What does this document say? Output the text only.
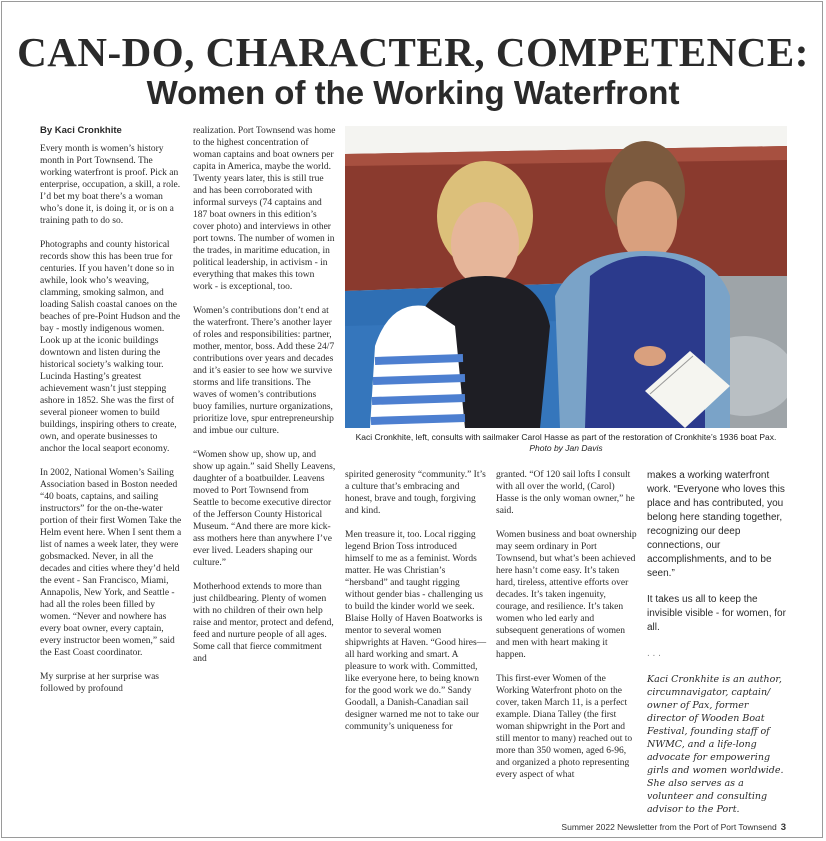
CAN-DO, CHARACTER, COMPETENCE:
Women of the Working Waterfront
By Kaci Cronkhite

Every month is women’s history month in Port Townsend. The working waterfront is proof. Pick an enterprise, occupation, a skill, a role. I’d bet my boat there’s a woman who’s done it, is doing it, or is on a training path to do so.

Photographs and county historical records show this has been true for centuries. If you haven’t done so in awhile, look who’s weaving, clamming, smoking salmon, and loading Salish coastal canoes on the beaches of pre-Point Hudson and the bay - mostly indigenous women. Look up at the iconic buildings downtown and listen during the historical society’s walking tour. Lucinda Hasting’s greatest achievement wasn’t just stepping ashore in 1852. She was the first of several pioneer women to build buildings, inspiring others to create, own, and operate businesses to anchor the local seaport economy.

In 2002, National Women’s Sailing Association based in Boston needed “40 boats, captains, and sailing instructors” for the on-the-water portion of their first Women Take the Helm event here. When I sent them a list of names a week later, they were gobsmacked. Never, in all the decades and cities where they’d held the event - San Francisco, Miami, Annapolis, New York, and Seattle - had all the roles been filled by women. “Never and nowhere has every boat owner, every captain, every instructor been women,” said the East Coast coordinator.

My surprise at her surprise was followed by profound

realization. Port Townsend was home to the highest concentration of woman captains and boat owners per capita in America, maybe the world. Twenty years later, this is still true and has been corroborated with informal surveys (74 captains and 187 boat owners in this edition’s cover photo) and interviews in other port towns. The number of women in the trades, in maritime education, in political leadership, in activism - in everything that makes this town work - is exceptional, too.

Women’s contributions don’t end at the waterfront. There’s another layer of roles and responsibilities: partner, mother, mentor, boss. Add these 24/7 contributions over years and decades and it’s easier to see how we survive storms and life transitions. The waves of women’s contributions buoy families, nurture organizations, prioritize love, spur entrepreneurship and imbue our culture.

“Women show up, show up, and show up again.” said Shelly Leavens, daughter of a boatbuilder. Leavens moved to Port Townsend from Seattle to become executive director of the Jefferson County Historical Museum. “And there are more kick-ass mothers here than anywhere I’ve ever lived. Leaders shaping our culture.”

Motherhood extends to more than just childbearing. Plenty of women with no children of their own help raise and mentor, protect and defend, feed and nurture people of all ages. Some call that fierce commitment and

Kaci Cronkhite, left, consults with sailmaker Carol Hasse as part of the restoration of Cronkhite’s 1936 boat Pax.
Photo by Jan Davis

spirited generosity “community.” It’s a culture that’s embracing and honest, brave and tough, forgiving and kind.

Men treasure it, too. Local rigging legend Brion Toss introduced himself to me as a feminist. Words matter. He was Christian’s “hersband” and taught rigging without gender bias - challenging us to build the kinder world we seek. Blaise Holly of Haven Boatworks is mentor to several women shipwrights at Haven. “Good hires—all hard working and smart. A pleasure to work with. Committed, like everyone here, to being known for the good work we do.” Sandy Goodall, a Danish-Canadian sail designer warned me not to take our community’s uniqueness for

granted. “Of 120 sail lofts I consult with all over the world, (Carol) Hasse is the only woman owner,” he said.

Women business and boat ownership may seem ordinary in Port Townsend, but what’s been achieved here hasn’t come easy. It’s taken hard, tireless, attentive efforts over decades. It’s taken ingenuity, courage, and resilience. It’s taken women who led early and subsequent generations of women and men with heart making it happen.

This first-ever Women of the Working Waterfront photo on the cover, taken March 11, is a perfect example. Diana Talley (the first woman shipwright in the Port and still mentor to many) reached out to more than 350 women, aged 6-96, and organized a photo representing every aspect of what

makes a working waterfront work. “Everyone who loves this place and has contributed, you belong here standing together, recognizing our deep connections, our accomplishments, and to be seen.”

It takes us all to keep the invisible visible - for women, for all.

. . .

Kaci Cronkhite is an author, circumnavigator, captain/ owner of Pax, former director of Wooden Boat Festival, founding staff of NWMC, and a life-long advocate for empowering girls and women worldwide. She also serves as a volunteer and consulting advisor to the Port.

Summer 2022 Newsletter from the Port of Port Townsend 3
